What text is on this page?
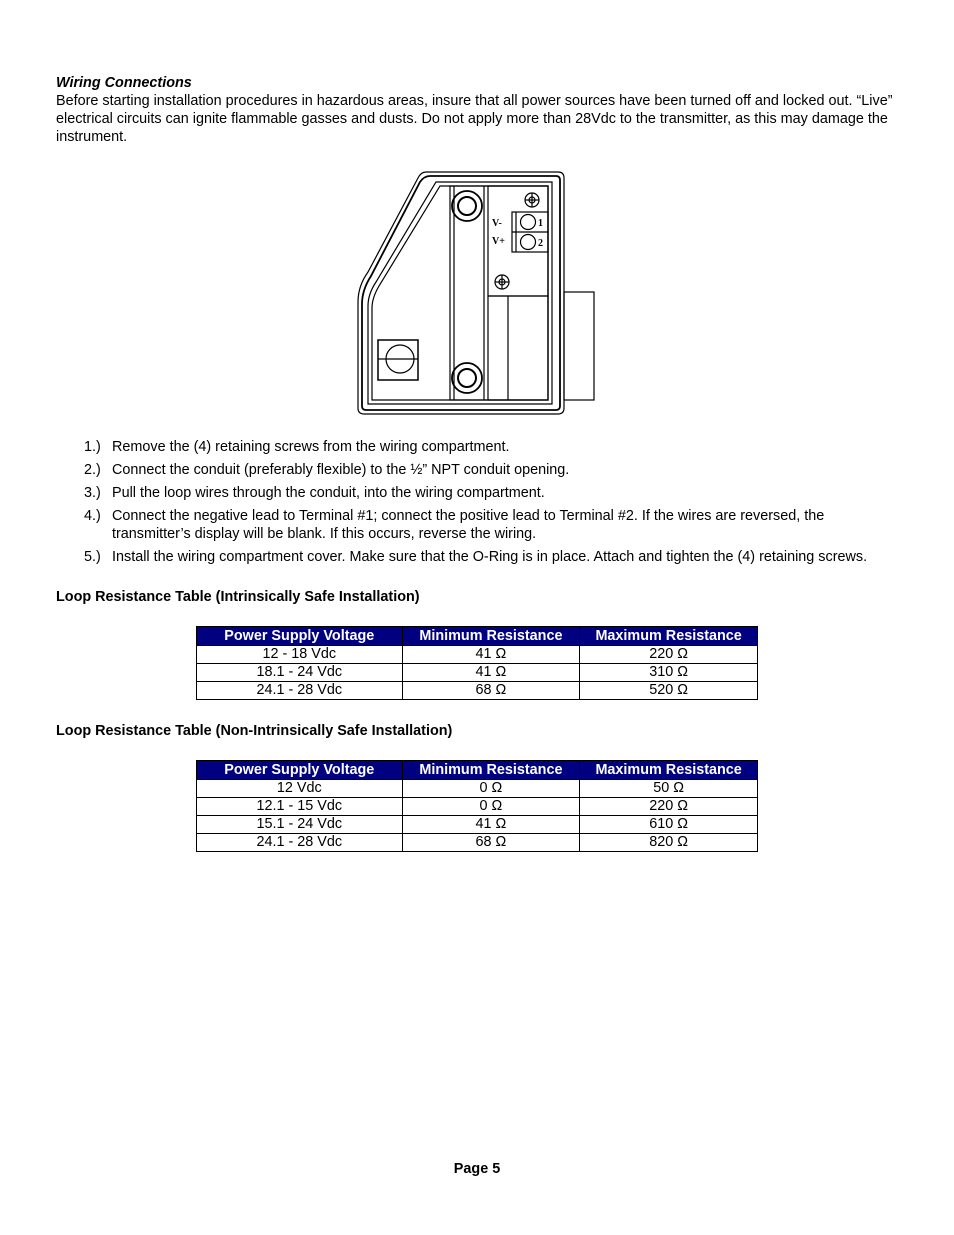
Wiring Connections

Before starting installation procedures in hazardous areas, insure that all power sources have been turned off and locked out. “Live” electrical circuits can ignite flammable gasses and dusts. Do not apply more than 28Vdc to the transmitter, as this may damage the instrument.

V-
V+
1
2
1.) Remove the (4) retaining screws from the wiring compartment.
2.) Connect the conduit (preferably flexible) to the ½” NPT conduit opening.
3.) Pull the loop wires through the conduit, into the wiring compartment.
4.) Connect the negative lead to Terminal #1; connect the positive lead to Terminal #2. If the wires are reversed, the transmitter’s display will be blank. If this occurs, reverse the wiring.
5.) Install the wiring compartment cover. Make sure that the O-Ring is in place. Attach and tighten the (4) retaining screws.
Loop Resistance Table (Intrinsically Safe Installation)
Power Supply Voltage	Minimum Resistance	Maximum Resistance
12 - 18 Vdc	41 Ω	220 Ω
18.1 - 24 Vdc	41 Ω	310 Ω
24.1 - 28 Vdc	68 Ω	520 Ω
Loop Resistance Table (Non-Intrinsically Safe Installation)
Power Supply Voltage	Minimum Resistance	Maximum Resistance
12 Vdc	0 Ω	50 Ω
12.1 - 15 Vdc	0 Ω	220 Ω
15.1 - 24 Vdc	41 Ω	610 Ω
24.1 - 28 Vdc	68 Ω	820 Ω
Page 5
